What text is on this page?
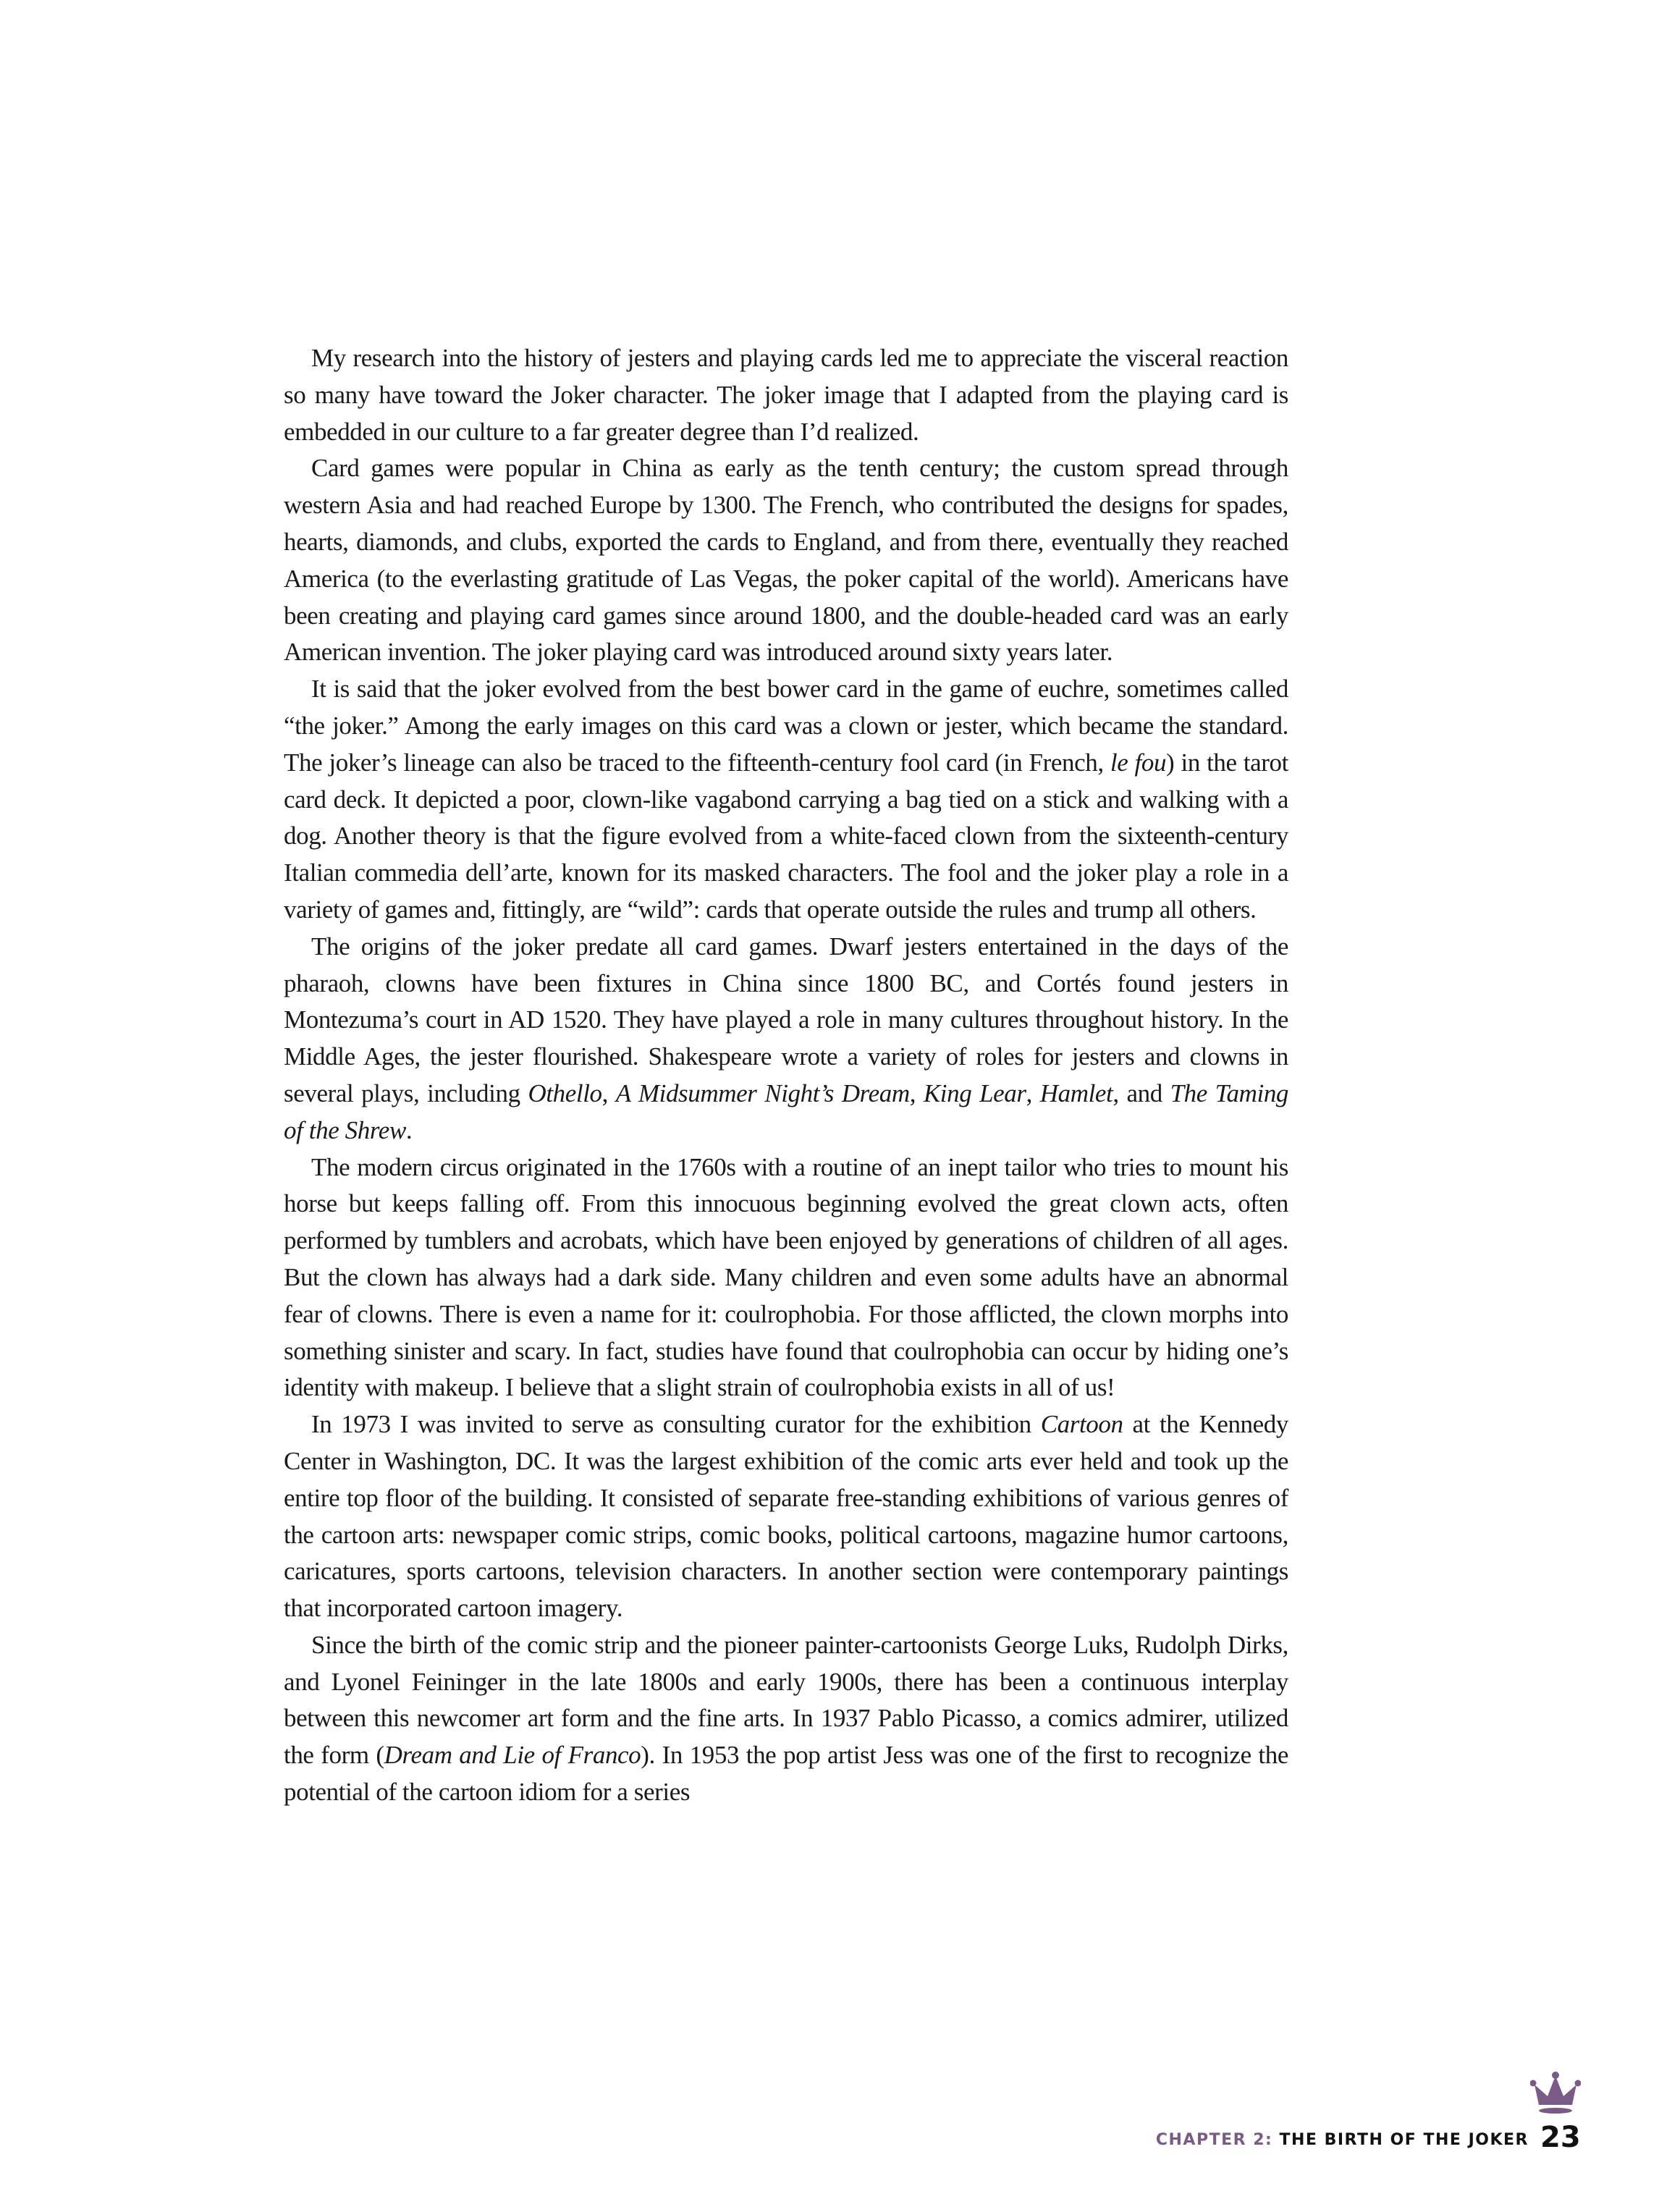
My research into the history of jesters and playing cards led me to appreciate the visceral reaction so many have toward the Joker character. The joker image that I adapted from the playing card is embedded in our culture to a far greater degree than I’d realized.

Card games were popular in China as early as the tenth century; the custom spread through western Asia and had reached Europe by 1300. The French, who contributed the designs for spades, hearts, diamonds, and clubs, exported the cards to England, and from there, eventually they reached America (to the everlasting gratitude of Las Vegas, the poker capital of the world). Americans have been creating and playing card games since around 1800, and the double-headed card was an early American invention. The joker playing card was introduced around sixty years later.

It is said that the joker evolved from the best bower card in the game of euchre, sometimes called “the joker.” Among the early images on this card was a clown or jester, which became the standard. The joker’s lineage can also be traced to the fifteenth-century fool card (in French, le fou) in the tarot card deck. It depicted a poor, clown-like vagabond carrying a bag tied on a stick and walking with a dog. Another theory is that the figure evolved from a white-faced clown from the sixteenth-century Italian commedia dell’arte, known for its masked characters. The fool and the joker play a role in a variety of games and, fittingly, are “wild”: cards that operate outside the rules and trump all others.

The origins of the joker predate all card games. Dwarf jesters entertained in the days of the pharaoh, clowns have been fixtures in China since 1800 BC, and Cortés found jesters in Montezuma’s court in AD 1520. They have played a role in many cultures throughout history. In the Middle Ages, the jester flourished. Shakespeare wrote a variety of roles for jesters and clowns in several plays, including Othello, A Midsummer Night’s Dream, King Lear, Hamlet, and The Taming of the Shrew.

The modern circus originated in the 1760s with a routine of an inept tailor who tries to mount his horse but keeps falling off. From this innocuous beginning evolved the great clown acts, often performed by tumblers and acrobats, which have been enjoyed by generations of children of all ages. But the clown has always had a dark side. Many children and even some adults have an abnormal fear of clowns. There is even a name for it: coulrophobia. For those afflicted, the clown morphs into something sinister and scary. In fact, studies have found that coulrophobia can occur by hiding one’s identity with makeup. I believe that a slight strain of coulrophobia exists in all of us!

In 1973 I was invited to serve as consulting curator for the exhibition Cartoon at the Kennedy Center in Washington, DC. It was the largest exhibition of the comic arts ever held and took up the entire top floor of the building. It consisted of separate free-standing exhibitions of various genres of the cartoon arts: newspaper comic strips, comic books, political cartoons, magazine humor cartoons, caricatures, sports cartoons, television characters. In another section were contemporary paintings that incorporated cartoon imagery.

Since the birth of the comic strip and the pioneer painter-cartoonists George Luks, Rudolph Dirks, and Lyonel Feininger in the late 1800s and early 1900s, there has been a continuous interplay between this newcomer art form and the fine arts. In 1937 Pablo Picasso, a comics admirer, utilized the form (Dream and Lie of Franco). In 1953 the pop artist Jess was one of the first to recognize the potential of the cartoon idiom for a series

CHAPTER 2: THE BIRTH OF THE JOKER 23
